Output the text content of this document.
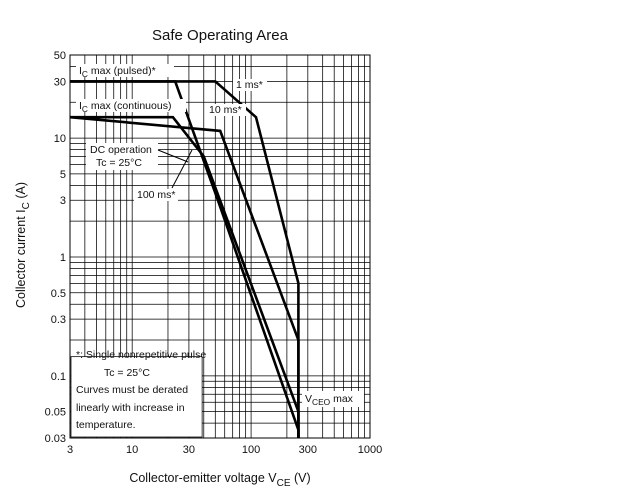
Safe Operating Area
3	10	30	100	300	1000
0.03
0.05
0.1
0.3
0.5
1
3
5
10
30
50
Collector-emitter voltage $V_{CE}$ (V)
Collector current $I_C$ (A)
$I_C$ max (pulsed)*
$I_C$ max (continuous)
1 ms*
10 ms*
DC operation
Tc = 25°C
100 ms*
$V_{CEO}$ max
*: Single nonrepetitive pulse
Tc = 25°C
Curves must be derated
linearly with increase in
temperature.
